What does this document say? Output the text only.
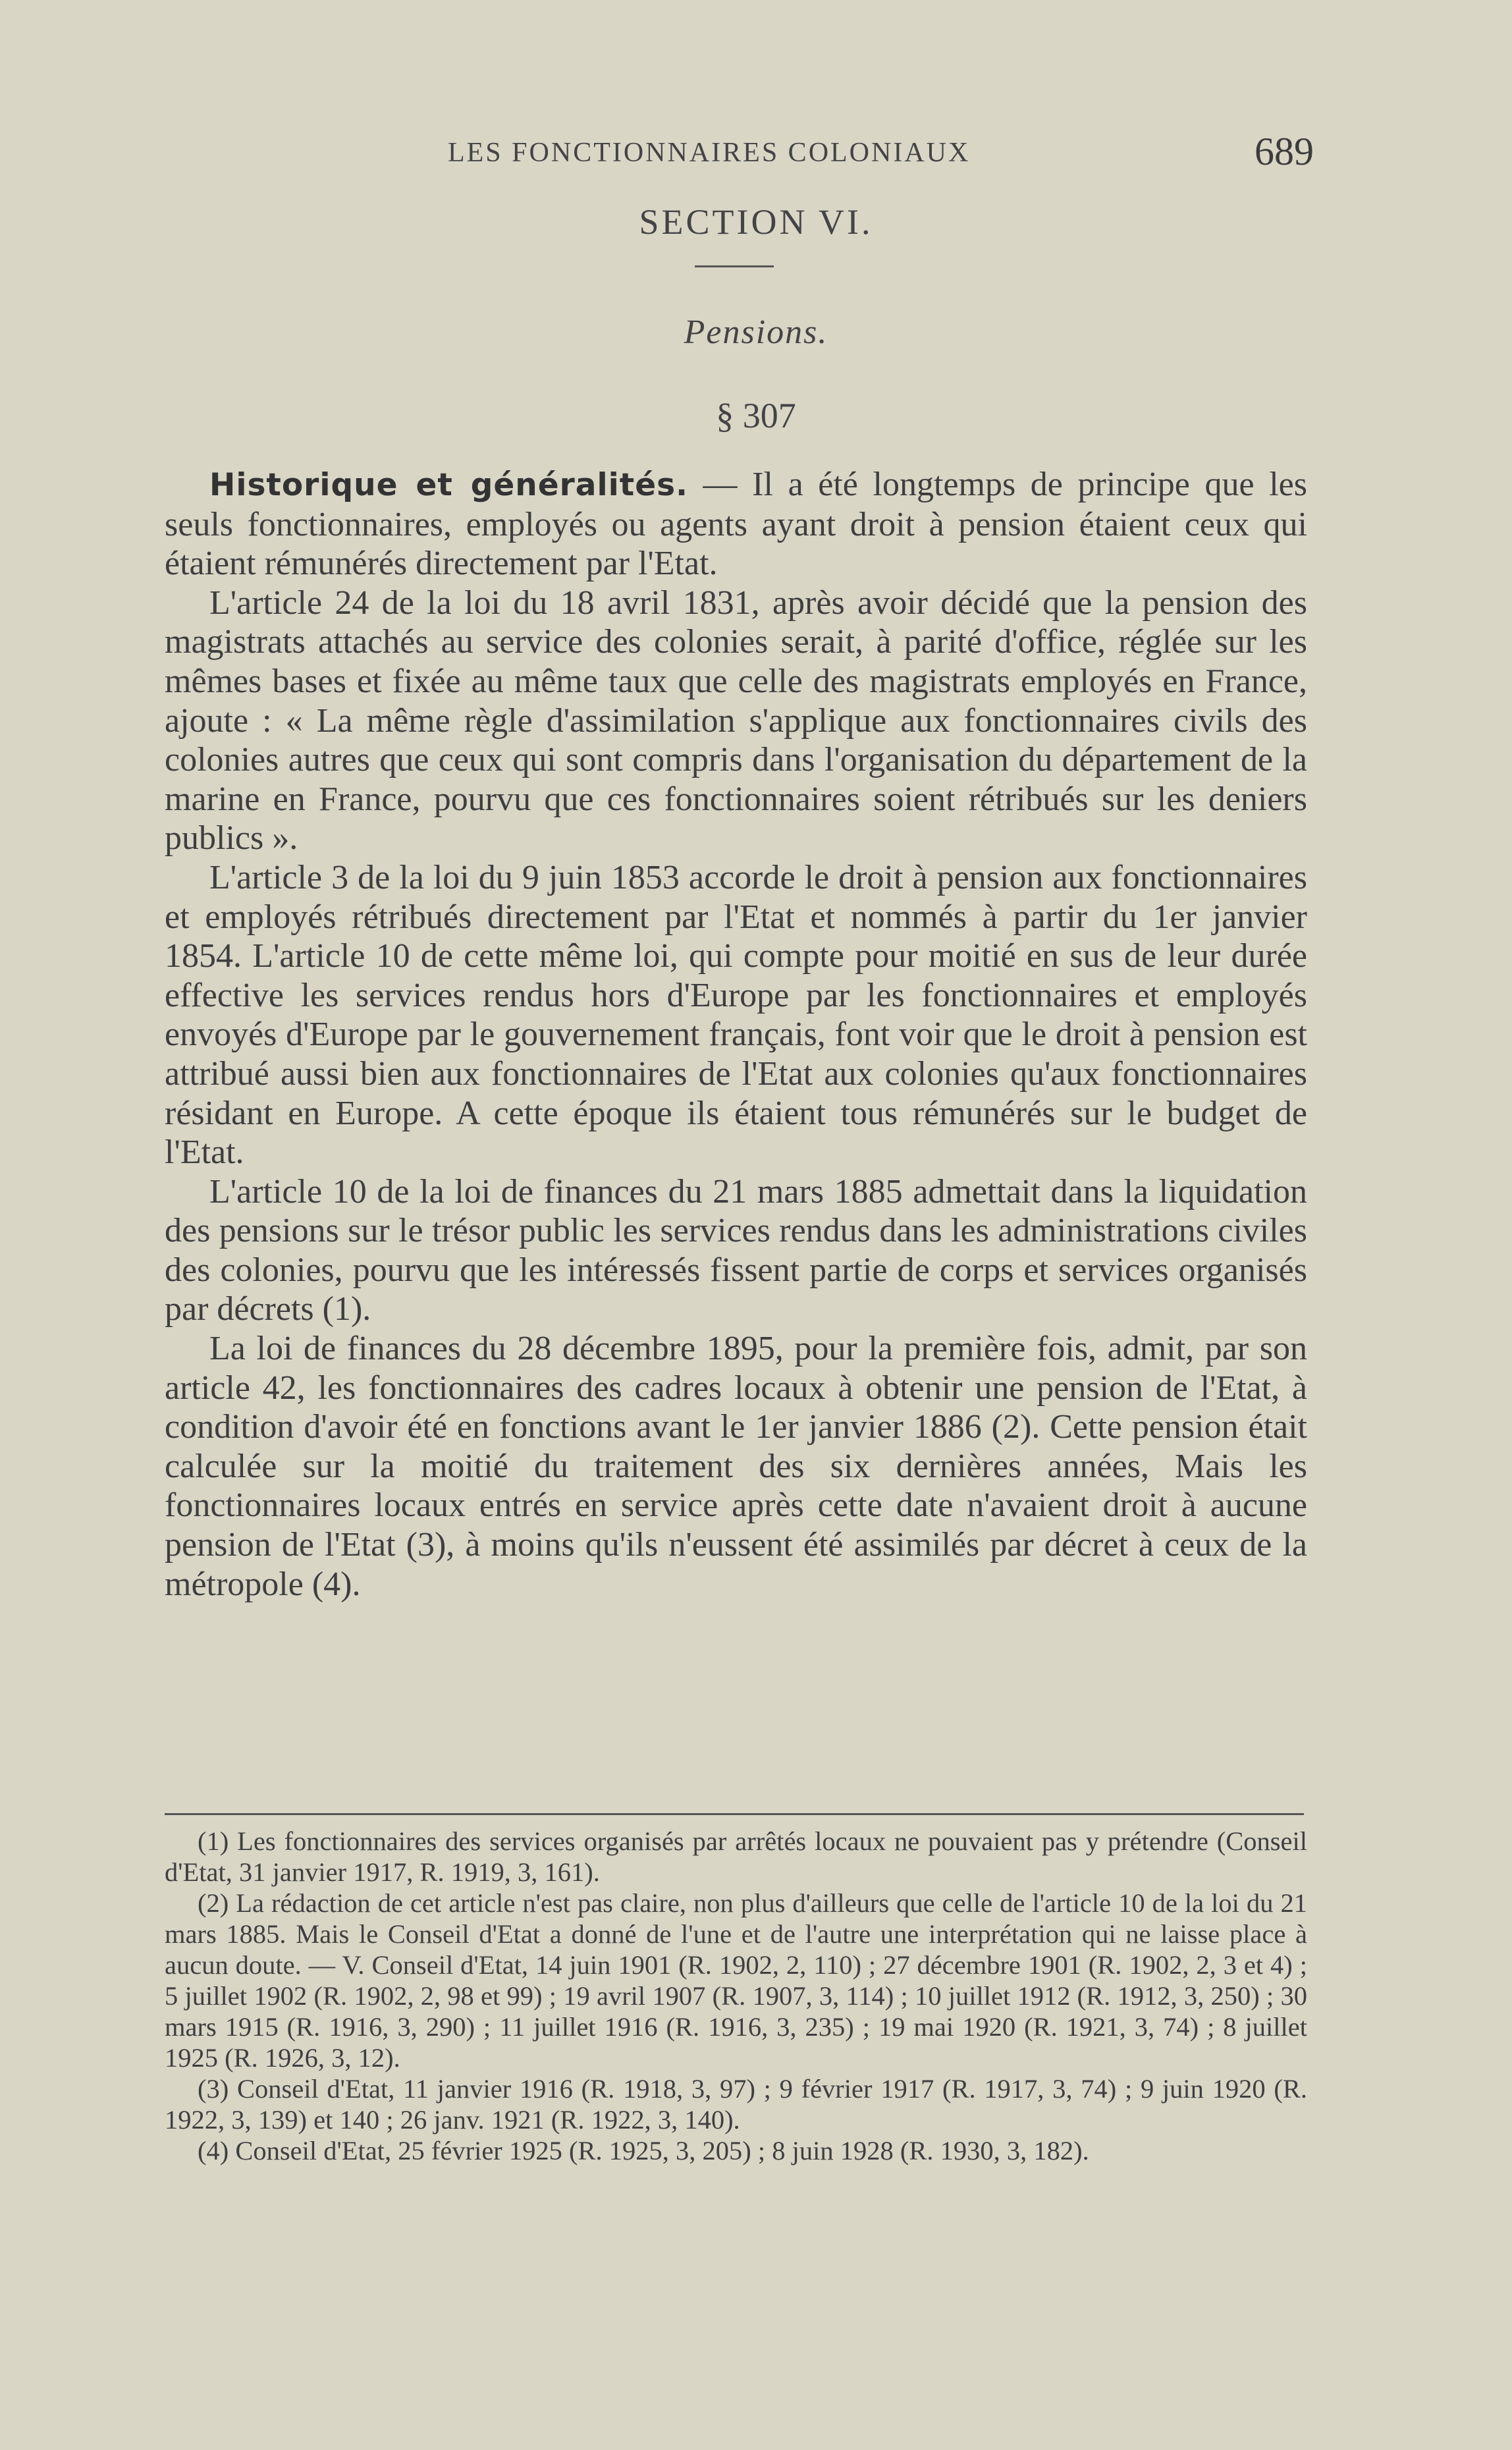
LES FONCTIONNAIRES COLONIAUX	689
SECTION VI.
Pensions.
§ 307

Historique et généralités. — Il a été longtemps de principe que les seuls fonctionnaires, employés ou agents ayant droit à pension étaient ceux qui étaient rémunérés directement par l'Etat.

L'article 24 de la loi du 18 avril 1831, après avoir décidé que la pension des magistrats attachés au service des colonies serait, à parité d'office, réglée sur les mêmes bases et fixée au même taux que celle des magistrats employés en France, ajoute : « La même règle d'assimilation s'applique aux fonctionnaires civils des colonies autres que ceux qui sont compris dans l'organisation du département de la marine en France, pourvu que ces fonctionnaires soient rétribués sur les deniers publics ».

L'article 3 de la loi du 9 juin 1853 accorde le droit à pension aux fonctionnaires et employés rétribués directement par l'Etat et nommés à partir du 1er janvier 1854. L'article 10 de cette même loi, qui compte pour moitié en sus de leur durée effective les services rendus hors d'Europe par les fonctionnaires et employés envoyés d'Europe par le gouvernement français, font voir que le droit à pension est attribué aussi bien aux fonctionnaires de l'Etat aux colonies qu'aux fonctionnaires résidant en Europe. A cette époque ils étaient tous rémunérés sur le budget de l'Etat.

L'article 10 de la loi de finances du 21 mars 1885 admettait dans la liquidation des pensions sur le trésor public les services rendus dans les administrations civiles des colonies, pourvu que les intéressés fissent partie de corps et services organisés par décrets (1).

La loi de finances du 28 décembre 1895, pour la première fois, admit, par son article 42, les fonctionnaires des cadres locaux à obtenir une pension de l'Etat, à condition d'avoir été en fonctions avant le 1er janvier 1886 (2). Cette pension était calculée sur la moitié du traitement des six dernières années, Mais les fonctionnaires locaux entrés en service après cette date n'avaient droit à aucune pension de l'Etat (3), à moins qu'ils n'eussent été assimilés par décret à ceux de la métropole (4).

(1) Les fonctionnaires des services organisés par arrêtés locaux ne pouvaient pas y prétendre (Conseil d'Etat, 31 janvier 1917, R. 1919, 3, 161).

(2) La rédaction de cet article n'est pas claire, non plus d'ailleurs que celle de l'article 10 de la loi du 21 mars 1885. Mais le Conseil d'Etat a donné de l'une et de l'autre une interprétation qui ne laisse place à aucun doute. — V. Conseil d'Etat, 14 juin 1901 (R. 1902, 2, 110) ; 27 décembre 1901 (R. 1902, 2, 3 et 4) ; 5 juillet 1902 (R. 1902, 2, 98 et 99) ; 19 avril 1907 (R. 1907, 3, 114) ; 10 juillet 1912 (R. 1912, 3, 250) ; 30 mars 1915 (R. 1916, 3, 290) ; 11 juillet 1916 (R. 1916, 3, 235) ; 19 mai 1920 (R. 1921, 3, 74) ; 8 juillet 1925 (R. 1926, 3, 12).

(3) Conseil d'Etat, 11 janvier 1916 (R. 1918, 3, 97) ; 9 février 1917 (R. 1917, 3, 74) ; 9 juin 1920 (R. 1922, 3, 139) et 140 ; 26 janv. 1921 (R. 1922, 3, 140).

(4) Conseil d'Etat, 25 février 1925 (R. 1925, 3, 205) ; 8 juin 1928 (R. 1930, 3, 182).
